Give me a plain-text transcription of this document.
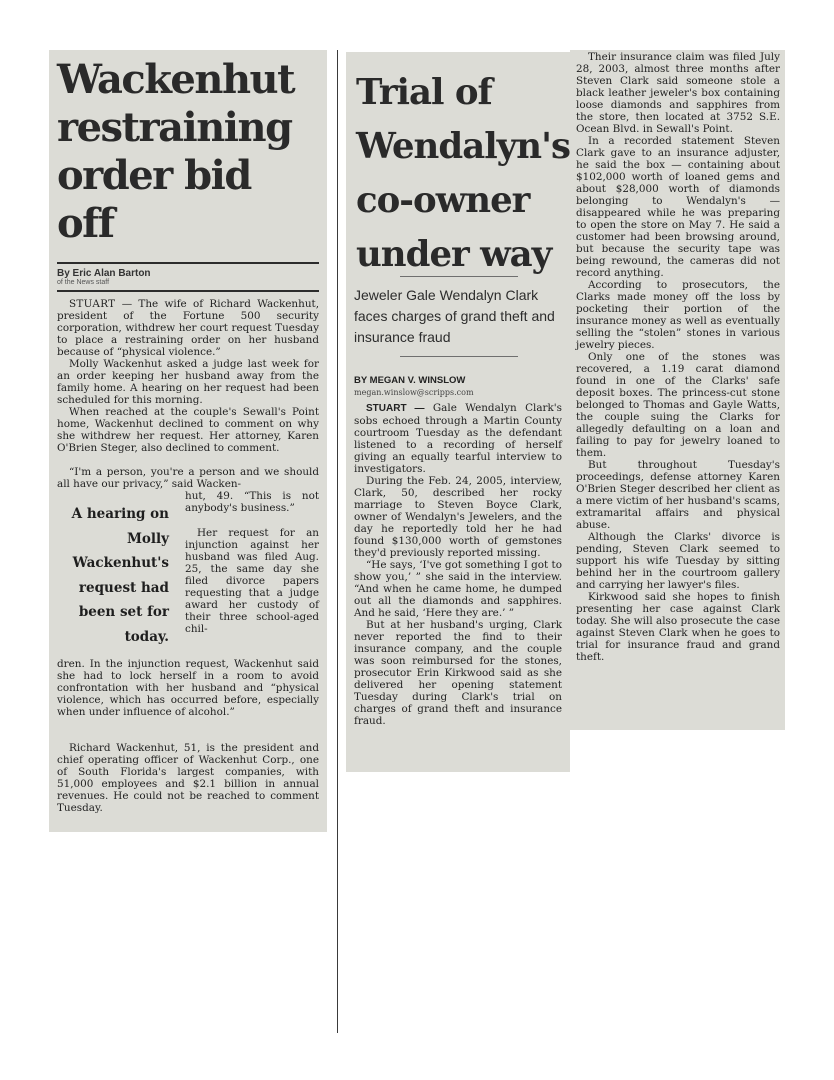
Wackenhut restraining order bid off
By Eric Alan Barton
of the News staff

STUART — The wife of Richard Wackenhut, president of the Fortune 500 security corporation, withdrew her court request Tuesday to place a restraining order on her husband because of “physical violence.”

Molly Wackenhut asked a judge last week for an order keeping her husband away from the family home. A hearing on her request had been scheduled for this morning.

When reached at the couple's Sewall's Point home, Wackenhut declined to comment on why she withdrew her request. Her attorney, Karen O'Brien Steger, also declined to comment.

“I'm a person, you're a person and we should all have our privacy,” said Wacken-

hut, 49. “This is not anybody's business.”

A hearing on Molly Wackenhut's request had been set for today.

Her request for an injunction against her husband was filed Aug. 25, the same day she filed divorce papers requesting that a judge award her custody of their three school-aged chil-

dren. In the injunction request, Wackenhut said she had to lock herself in a room to avoid confrontation with her husband and “physical violence, which has occurred before, especially when under influence of alcohol.”

Richard Wackenhut, 51, is the president and chief operating officer of Wackenhut Corp., one of South Florida's largest companies, with 51,000 employees and $2.1 billion in annual revenues. He could not be reached to comment Tuesday.

Trial of Wendalyn's co-owner under way

Jeweler Gale Wendalyn Clark faces charges of grand theft and insurance fraud

BY MEGAN V. WINSLOW
megan.winslow@scripps.com

STUART — Gale Wendalyn Clark's sobs echoed through a Martin County courtroom Tuesday as the defendant listened to a recording of herself giving an equally tearful interview to investigators.

During the Feb. 24, 2005, interview, Clark, 50, described her rocky marriage to Steven Boyce Clark, owner of Wendalyn's Jewelers, and the day he reportedly told her he had found $130,000 worth of gemstones they'd previously reported missing.

“He says, ‘I've got something I got to show you,’ ” she said in the interview. “And when he came home, he dumped out all the diamonds and sapphires. And he said, ‘Here they are.’ ”

But at her husband's urging, Clark never reported the find to their insurance company, and the couple was soon reimbursed for the stones, prosecutor Erin Kirkwood said as she delivered her opening statement Tuesday during Clark's trial on charges of grand theft and insurance fraud.

Their insurance claim was filed July 28, 2003, almost three months after Steven Clark said someone stole a black leather jeweler's box containing loose diamonds and sapphires from the store, then located at 3752 S.E. Ocean Blvd. in Sewall's Point.

In a recorded statement Steven Clark gave to an insurance adjuster, he said the box — containing about $102,000 worth of loaned gems and about $28,000 worth of diamonds belonging to Wendalyn's — disappeared while he was preparing to open the store on May 7. He said a customer had been browsing around, but because the security tape was being rewound, the cameras did not record anything.

According to prosecutors, the Clarks made money off the loss by pocketing their portion of the insurance money as well as eventually selling the “stolen” stones in various jewelry pieces.

Only one of the stones was recovered, a 1.19 carat diamond found in one of the Clarks' safe deposit boxes. The princess-cut stone belonged to Thomas and Gayle Watts, the couple suing the Clarks for allegedly defaulting on a loan and failing to pay for jewelry loaned to them.

But throughout Tuesday's proceedings, defense attorney Karen O'Brien Steger described her client as a mere victim of her husband's scams, extramarital affairs and physical abuse.

Although the Clarks' divorce is pending, Steven Clark seemed to support his wife Tuesday by sitting behind her in the courtroom gallery and carrying her lawyer's files.

Kirkwood said she hopes to finish presenting her case against Clark today. She will also prosecute the case against Steven Clark when he goes to trial for insurance fraud and grand theft.
